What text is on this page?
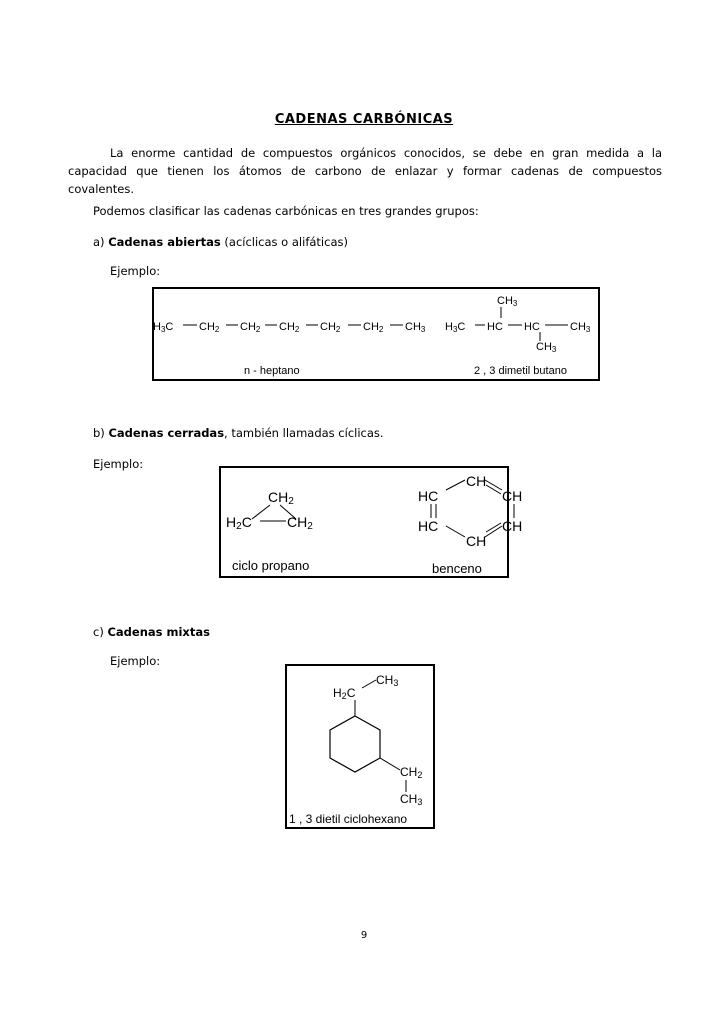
CADENAS CARBÓNICAS
La enorme cantidad de compuestos orgánicos conocidos, se debe en gran medida a la capacidad que tienen los átomos de carbono de enlazar y formar cadenas de compuestos covalentes.
Podemos clasificar las cadenas carbónicas en tres grandes grupos:
a) Cadenas abiertas (acíclicas o alifáticas)
Ejemplo:
H3C CH2 CH2 CH2 CH2 CH2 CH3 H3C HC HC	CH3
CH3
CH3
n - heptano	2 , 3 dimetil butano
CH2
H2C	CH2
CH
HC	CH
HC	CH
CH
ciclo propano	benceno
CH3
H2C
CH2
CH3
1 , 3 dietil ciclohexano
b) Cadenas cerradas, también llamadas cíclicas.
Ejemplo:
c) Cadenas mixtas
Ejemplo:
9
